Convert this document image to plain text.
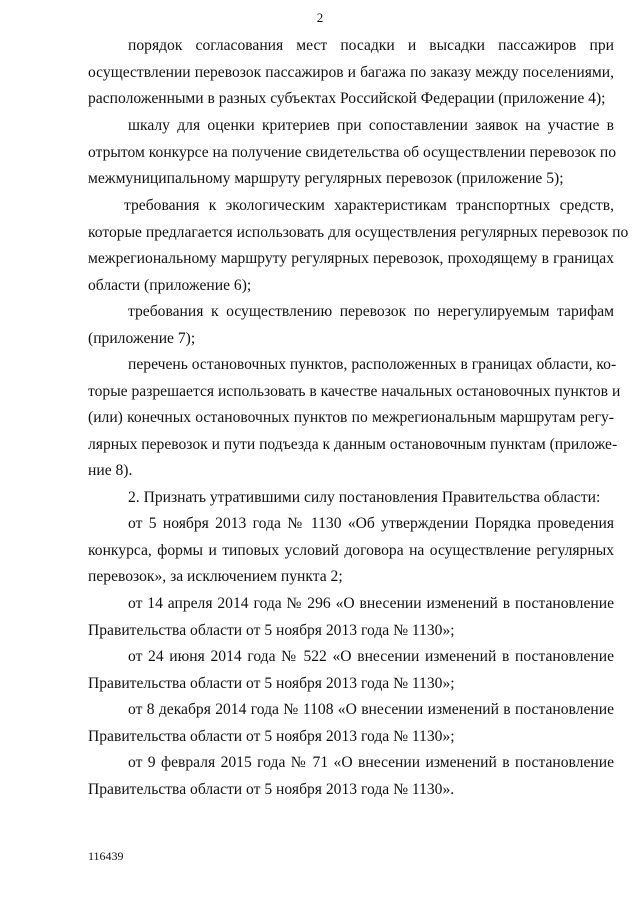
2
порядок согласования мест посадки и высадки пассажиров при
осуществлении перевозок пассажиров и багажа по заказу между поселениями,
расположенными в разных субъектах Российской Федерации (приложение 4);
шкалу для оценки критериев при сопоставлении заявок на участие в
отрытом конкурсе на получение свидетельства об осуществлении перевозок по
межмуниципальному маршруту регулярных перевозок (приложение 5);
требования к экологическим характеристикам транспортных средств,
которые предлагается использовать для осуществления регулярных перевозок по
межрегиональному маршруту регулярных перевозок, проходящему в границах
области (приложение 6);
требования к осуществлению перевозок по нерегулируемым тарифам
(приложение 7);
перечень остановочных пунктов, расположенных в границах области, ко-
торые разрешается использовать в качестве начальных остановочных пунктов и
(или) конечных остановочных пунктов по межрегиональным маршрутам регу-
лярных перевозок и пути подъезда к данным остановочным пунктам (приложе-
ние 8).
2. Признать утратившими силу постановления Правительства области:
от 5 ноября 2013 года № 1130 «Об утверждении Порядка проведения
конкурса, формы и типовых условий договора на осуществление регулярных
перевозок», за исключением пункта 2;
от 14 апреля 2014 года № 296 «О внесении изменений в постановление
Правительства области от 5 ноября 2013 года № 1130»;
от 24 июня 2014 года № 522 «О внесении изменений в постановление
Правительства области от 5 ноября 2013 года № 1130»;
от 8 декабря 2014 года № 1108 «О внесении изменений в постановление
Правительства области от 5 ноября 2013 года № 1130»;
от 9 февраля 2015 года № 71 «О внесении изменений в постановление
Правительства области от 5 ноября 2013 года № 1130».
116439
